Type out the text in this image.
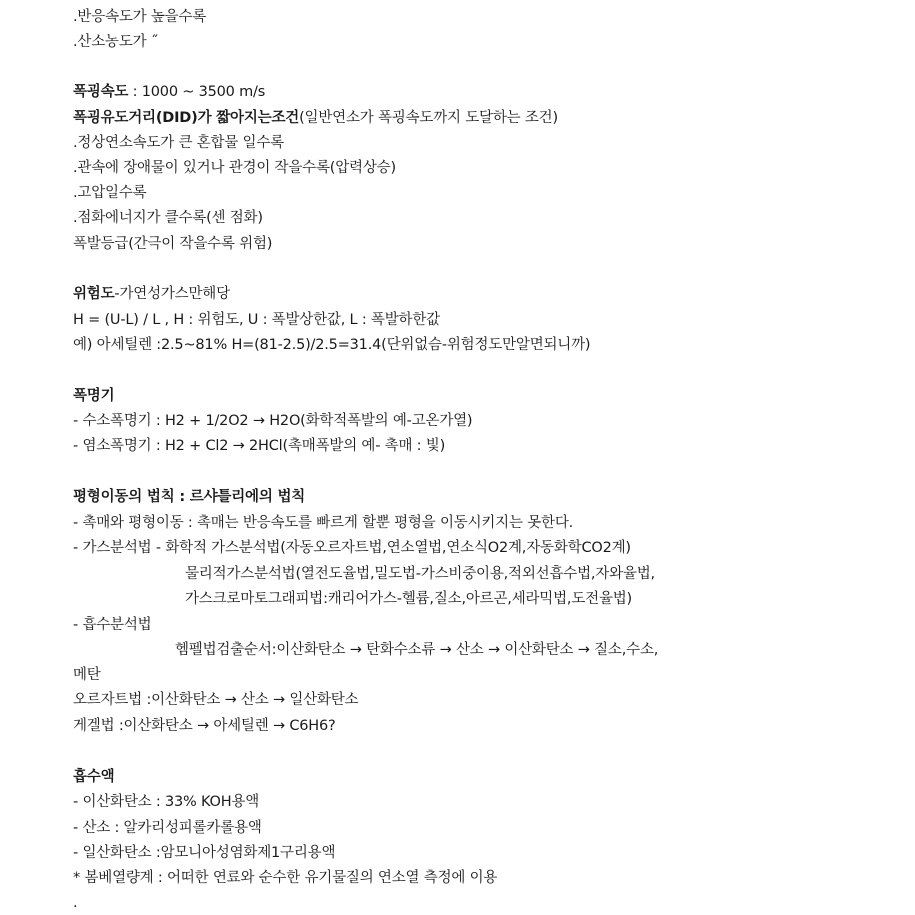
.반응속도가 높을수록
.산소농도가 ˝
폭굉속도 : 1000 ~ 3500 m/s
폭굉유도거리(DID)가 짧아지는조건(일반연소가 폭굉속도까지 도달하는 조건)
.정상연소속도가 큰 혼합물 일수록
.관속에 장애물이 있거나 관경이 작을수록(압력상승)
.고압일수록
.점화에너지가 클수록(센 점화)
폭발등급(간극이 작을수록 위험)
위험도-가연성가스만해당
H = (U-L) / L , H : 위험도, U : 폭발상한값, L : 폭발하한값
예) 아세틸렌 :2.5~81% H=(81-2.5)/2.5=31.4(단위없슴-위험정도만알면되니까)
폭명기
- 수소폭명기 : H2 + 1/2O2 → H2O(화학적폭발의 예-고온가열)
- 염소폭명기 : H2 + Cl2 → 2HCl(촉매폭발의 예- 촉매 : 빛)
평형이동의 법칙 : 르샤틀리에의 법칙
- 촉매와 평형이동 : 촉매는 반응속도를 빠르게 할뿐 평형을 이동시키지는 못한다.
- 가스분석법 - 화학적 가스분석법(자동오르자트법,연소열법,연소식O2계,자동화학CO2계)
물리적가스분석법(열전도율법,밀도법-가스비중이용,적외선흡수법,자와율법,
가스크로마토그래피법:캐리어가스-헬륨,질소,아르곤,세라믹법,도전율법)
- 흡수분석법
헴펠법검출순서:이산화탄소 → 탄화수소류 → 산소 → 이산화탄소 → 질소,수소,
메탄
오르자트법 :이산화탄소 → 산소 → 일산화탄소
게겔법 :이산화탄소 → 아세틸렌 → C6H6?
흡수액
- 이산화탄소 : 33% KOH용액
- 산소 : 알카리성피롤카롤용액
- 일산화탄소 :암모니아성염화제1구리용액
* 봄베열량계 : 어떠한 연료와 순수한 유기물질의 연소열 측정에 이용
.
